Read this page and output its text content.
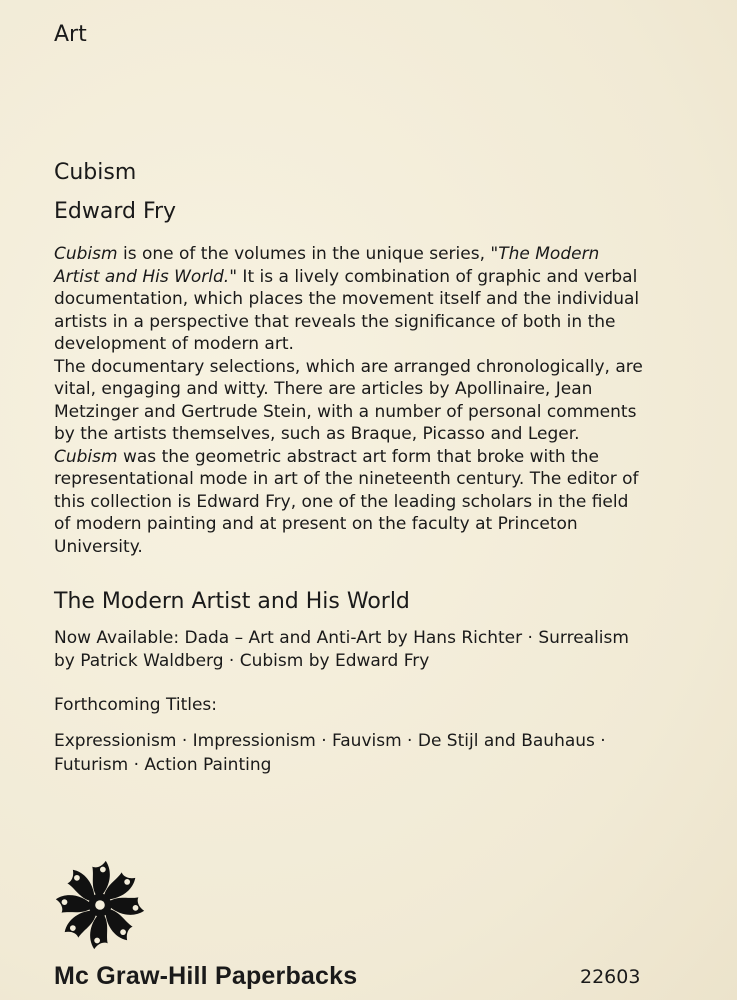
Art
Cubism
Edward Fry

Cubism is one of the volumes in the unique series, "The Modern Artist and His World." It is a lively combination of graphic and verbal documentation, which places the movement itself and the individual artists in a perspective that reveals the significance of both in the development of modern art.

The documentary selections, which are arranged chronologically, are vital, engaging and witty. There are articles by Apollinaire, Jean Metzinger and Gertrude Stein, with a number of personal comments by the artists themselves, such as Braque, Picasso and Leger.

Cubism was the geometric abstract art form that broke with the representational mode in art of the nineteenth century. The editor of this collection is Edward Fry, one of the leading scholars in the field of modern painting and at present on the faculty at Princeton University.

The Modern Artist and His World

Now Available: Dada – Art and Anti-Art by Hans Richter · Surrealism by Patrick Waldberg · Cubism by Edward Fry

Forthcoming Titles:

Expressionism · Impressionism · Fauvism · De Stijl and Bauhaus · Futurism · Action Painting

Mc Graw-Hill Paperbacks	22603
